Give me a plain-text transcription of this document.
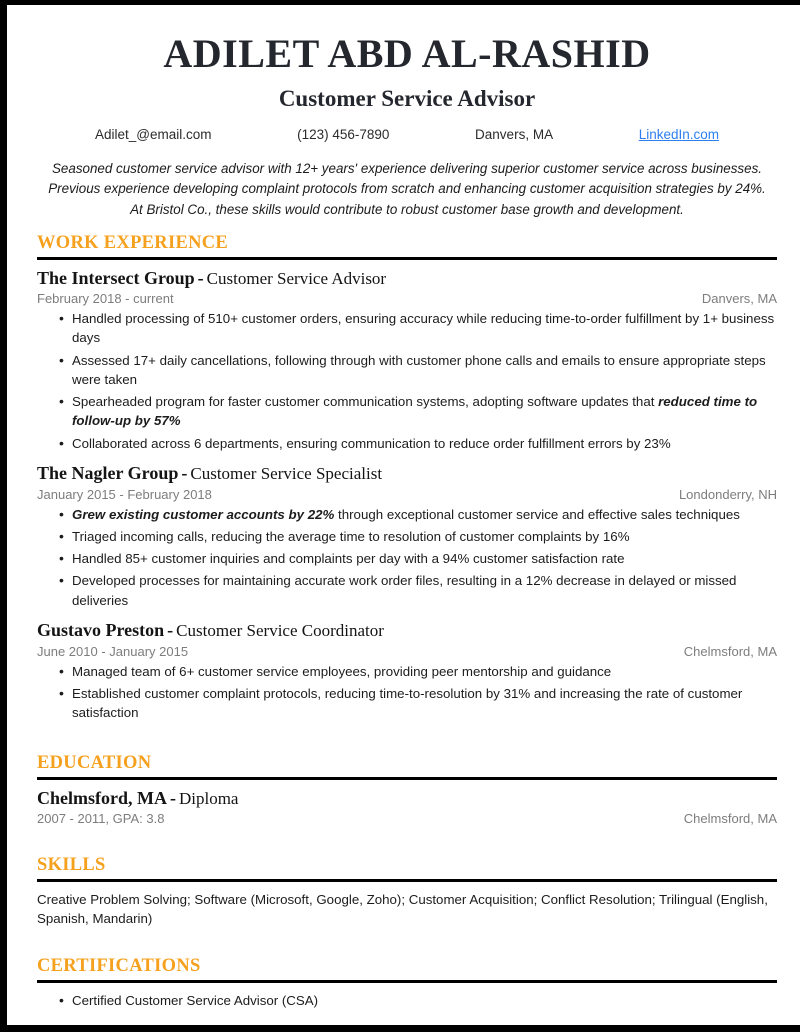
ADILET ABD AL-RASHID
Customer Service Advisor
Adilet_@email.com	(123) 456-7890	Danvers, MA	LinkedIn.com
Seasoned customer service advisor with 12+ years' experience delivering superior customer service across businesses. Previous experience developing complaint protocols from scratch and enhancing customer acquisition strategies by 24%. At Bristol Co., these skills would contribute to robust customer base growth and development.
WORK EXPERIENCE
The Intersect Group - Customer Service Advisor
February 2018 - current	Danvers, MA
• Handled processing of 510+ customer orders, ensuring accuracy while reducing time-to-order fulfillment by 1+ business days
• Assessed 17+ daily cancellations, following through with customer phone calls and emails to ensure appropriate steps were taken
• Spearheaded program for faster customer communication systems, adopting software updates that reduced time to follow-up by 57%
• Collaborated across 6 departments, ensuring communication to reduce order fulfillment errors by 23%
The Nagler Group - Customer Service Specialist
January 2015 - February 2018	Londonderry, NH
• Grew existing customer accounts by 22% through exceptional customer service and effective sales techniques
• Triaged incoming calls, reducing the average time to resolution of customer complaints by 16%
• Handled 85+ customer inquiries and complaints per day with a 94% customer satisfaction rate
• Developed processes for maintaining accurate work order files, resulting in a 12% decrease in delayed or missed deliveries
Gustavo Preston - Customer Service Coordinator
June 2010 - January 2015	Chelmsford, MA
• Managed team of 6+ customer service employees, providing peer mentorship and guidance
• Established customer complaint protocols, reducing time-to-resolution by 31% and increasing the rate of customer satisfaction
EDUCATION
Chelmsford, MA - Diploma
2007 - 2011, GPA: 3.8	Chelmsford, MA
SKILLS

Creative Problem Solving; Software (Microsoft, Google, Zoho); Customer Acquisition; Conflict Resolution; Trilingual (English, Spanish, Mandarin)

CERTIFICATIONS
• Certified Customer Service Advisor (CSA)
